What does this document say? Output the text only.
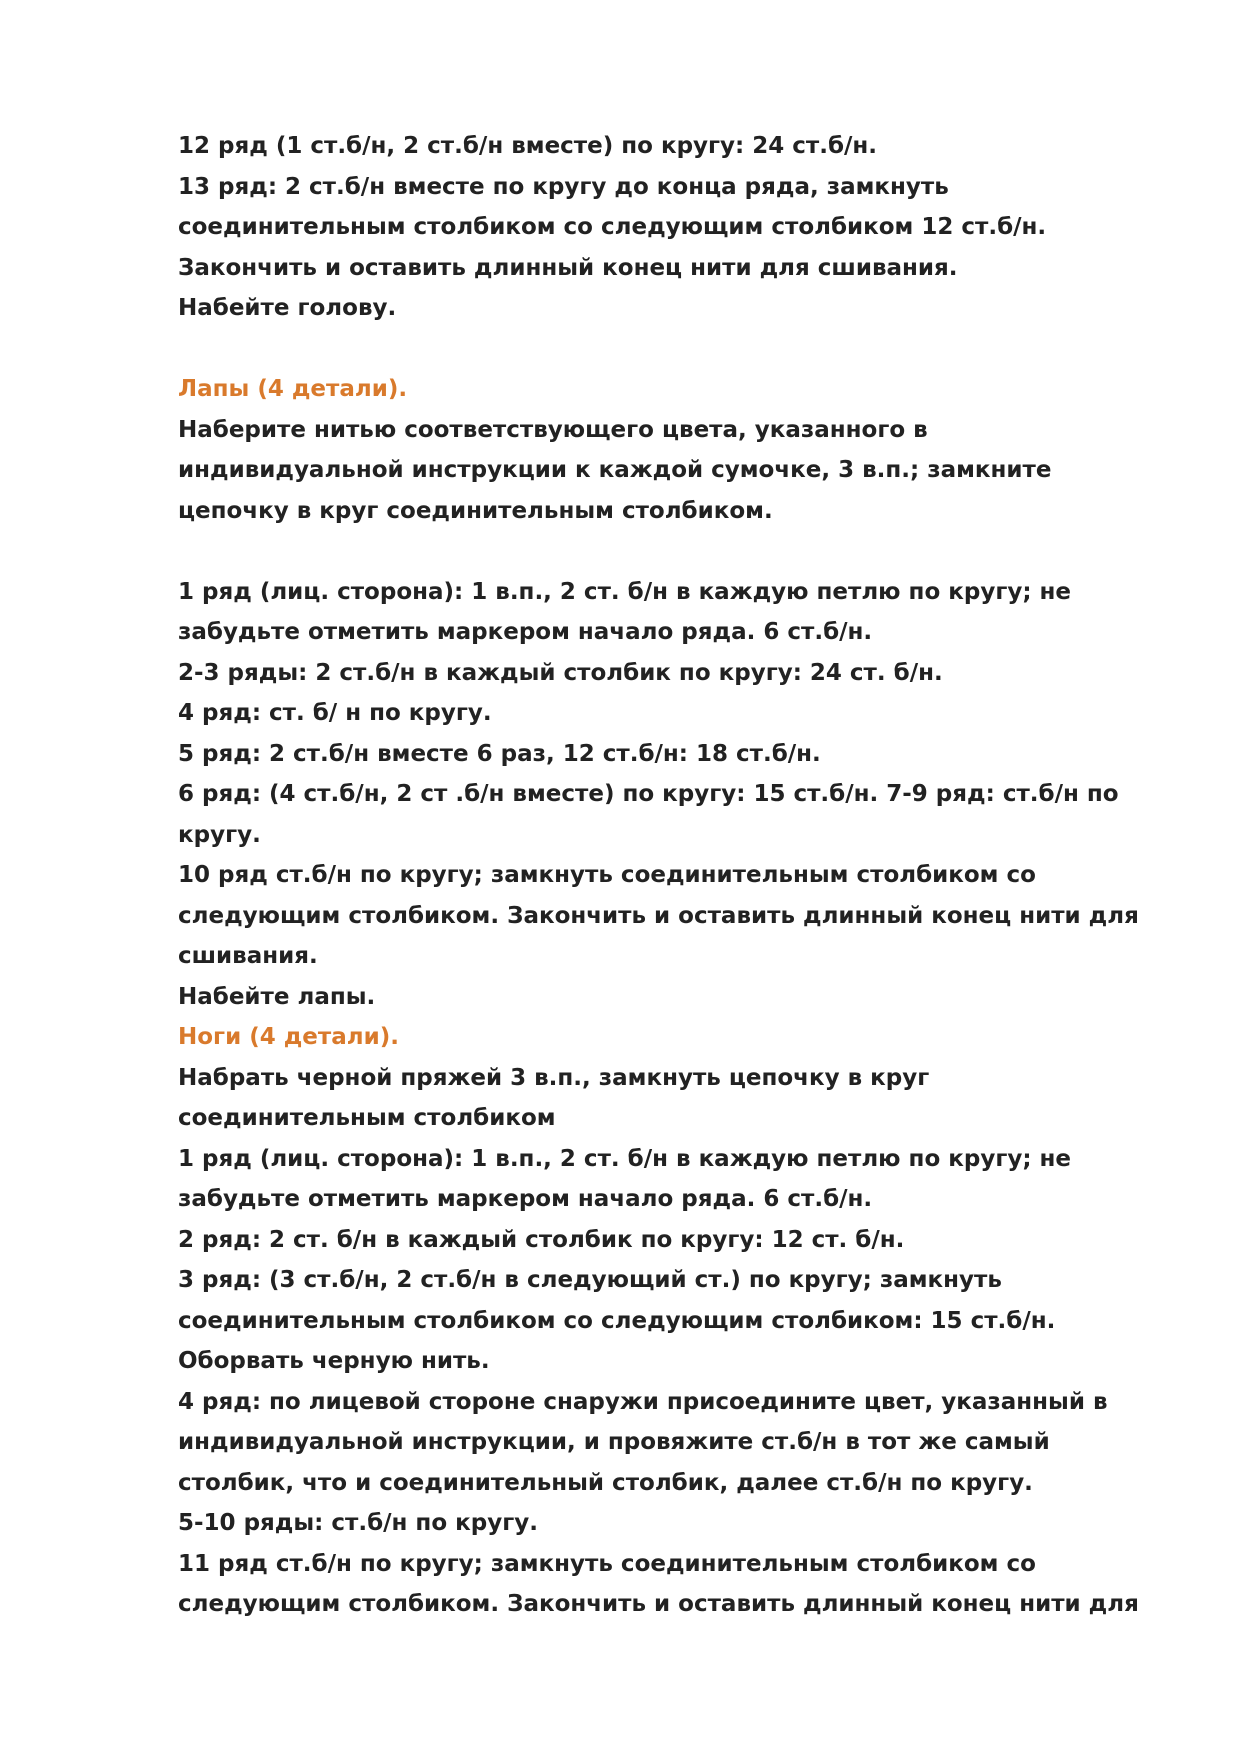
12 ряд (1 ст.б/н, 2 ст.б/н вместе) по кругу: 24 ст.б/н.
13 ряд: 2 ст.б/н вместе по кругу до конца ряда, замкнуть
соединительным столбиком со следующим столбиком 12 ст.б/н.
Закончить и оставить длинный конец нити для сшивания.
Набейте голову.
Лапы (4 детали).
Наберите нитью соответствующего цвета, указанного в
индивидуальной инструкции к каждой сумочке, 3 в.п.; замкните
цепочку в круг соединительным столбиком.
1 ряд (лиц. сторона): 1 в.п., 2 ст. б/н в каждую петлю по кругу; не
забудьте отметить маркером начало ряда. 6 ст.б/н.
2-3 ряды: 2 ст.б/н в каждый столбик по кругу: 24 ст. б/н.
4 ряд: ст. б/ н по кругу.
5 ряд: 2 ст.б/н вместе 6 раз, 12 ст.б/н: 18 ст.б/н.
6 ряд: (4 ст.б/н, 2 ст .б/н вместе) по кругу: 15 ст.б/н. 7-9 ряд: ст.б/н по
кругу.
10 ряд ст.б/н по кругу; замкнуть соединительным столбиком со
следующим столбиком. Закончить и оставить длинный конец нити для
сшивания.
Набейте лапы.
Ноги (4 детали).
Набрать черной пряжей 3 в.п., замкнуть цепочку в круг
соединительным столбиком
1 ряд (лиц. сторона): 1 в.п., 2 ст. б/н в каждую петлю по кругу; не
забудьте отметить маркером начало ряда. 6 ст.б/н.
2 ряд: 2 ст. б/н в каждый столбик по кругу: 12 ст. б/н.
3 ряд: (3 ст.б/н, 2 ст.б/н в следующий ст.) по кругу; замкнуть
соединительным столбиком со следующим столбиком: 15 ст.б/н.
Оборвать черную нить.
4 ряд: по лицевой стороне снаружи присоедините цвет, указанный в
индивидуальной инструкции, и провяжите ст.б/н в тот же самый
столбик, что и соединительный столбик, далее ст.б/н по кругу.
5-10 ряды: ст.б/н по кругу.
11 ряд ст.б/н по кругу; замкнуть соединительным столбиком со
следующим столбиком. Закончить и оставить длинный конец нити для
